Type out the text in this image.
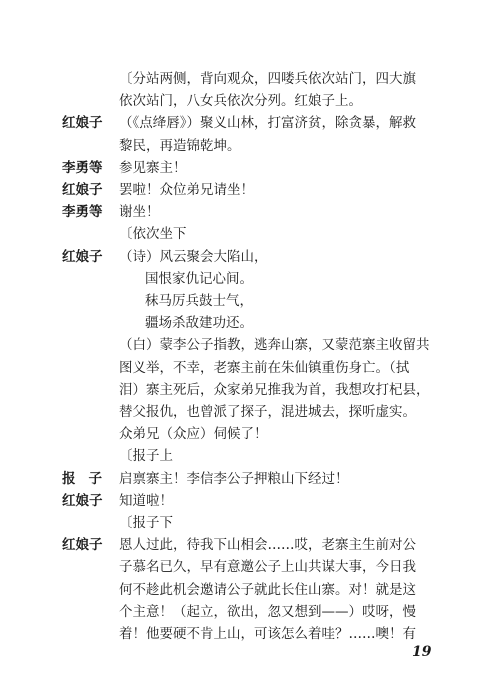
〔分站两侧，背向观众，四喽兵依次站门，四大旗
依次站门，八女兵依次分列。红娘子上。
红娘子	（《点绛唇》）聚义山林，打富济贫，除贪暴，解救
黎民，再造锦乾坤。
李勇等	参见寨主！
红娘子	罢啦！众位弟兄请坐！
李勇等	谢坐！
〔依次坐下
红娘子	（诗）风云聚会大陷山，
国恨家仇记心间。
秣马厉兵鼓士气，
疆场杀敌建功还。
（白）蒙李公子指教，逃奔山寨，又蒙范寨主收留共
图义举，不幸，老寨主前在朱仙镇重伤身亡。（拭
泪）寨主死后，众家弟兄推我为首，我想攻打杞县，
替父报仇，也曾派了探子，混进城去，探听虚实。
众弟兄（众应）伺候了！
〔报子上
报子 启禀寨主！李信李公子押粮山下经过！
红娘子	知道啦！
〔报子下
红娘子	恩人过此，待我下山相会……哎，老寨主生前对公
子慕名已久，早有意邀公子上山共谋大事，今日我
何不趁此机会邀请公子就此长住山寨。对！就是这
个主意！（起立，欲出，忽又想到——）哎呀，慢
着！他要硬不肯上山，可该怎么着哇？……噢！有
19
